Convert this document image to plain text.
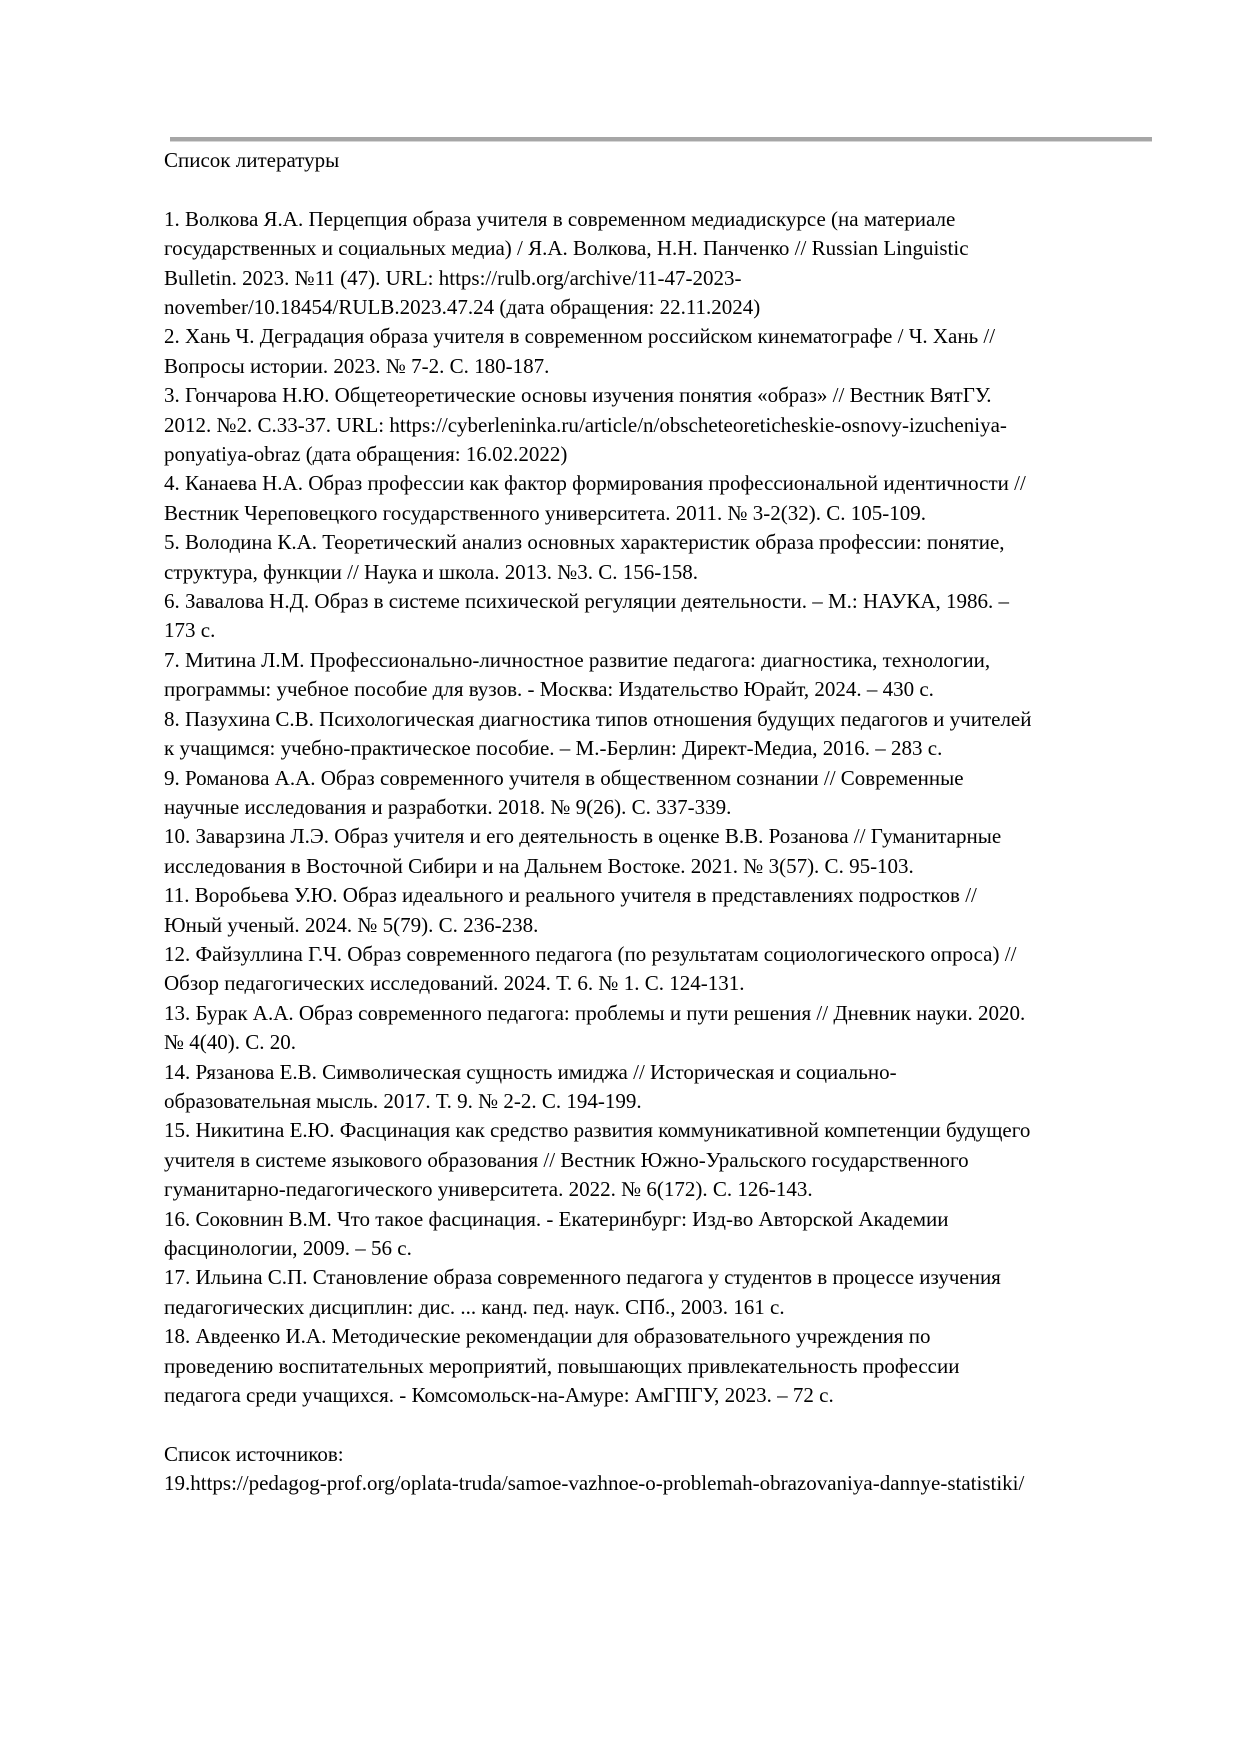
Список литературы

1. Волкова Я.А. Перцепция образа учителя в современном медиадискурсе (на материале государственных и социальных медиа) / Я.А. Волкова, Н.Н. Панченко // Russian Linguistic Bulletin. 2023. №11 (47). URL: https://rulb.org/archive/11-47-2023-november/10.18454/RULB.2023.47.24 (дата обращения: 22.11.2024)

2. Хань Ч. Деградация образа учителя в современном российском кинематографе / Ч. Хань // Вопросы истории. 2023. № 7-2. С. 180-187.

3. Гончарова Н.Ю. Общетеоретические основы изучения понятия «образ» // Вестник ВятГУ. 2012. №2. С.33-37. URL: https://cyberleninka.ru/article/n/obscheteoreticheskie-osnovy-izucheniya-ponyatiya-obraz (дата обращения: 16.02.2022)

4. Канаева Н.А. Образ профессии как фактор формирования профессиональной идентичности // Вестник Череповецкого государственного университета. 2011. № 3-2(32). С. 105-109.

5. Володина К.А. Теоретический анализ основных характеристик образа профессии: понятие, структура, функции // Наука и школа. 2013. №3. С. 156-158.

6. Завалова Н.Д. Образ в системе психической регуляции деятельности. – М.: НАУКА, 1986. – 173 с.

7. Митина Л.М. Профессионально-личностное развитие педагога: диагностика, технологии, программы: учебное пособие для вузов. - Москва: Издательство Юрайт, 2024. – 430 с.

8. Пазухина С.В. Психологическая диагностика типов отношения будущих педагогов и учителей к учащимся: учебно-практическое пособие. – М.-Берлин: Директ-Медиа, 2016. – 283 с.

9. Романова А.А. Образ современного учителя в общественном сознании // Современные научные исследования и разработки. 2018. № 9(26). С. 337-339.

10. Заварзина Л.Э. Образ учителя и его деятельность в оценке В.В. Розанова // Гуманитарные исследования в Восточной Сибири и на Дальнем Востоке. 2021. № 3(57). С. 95-103.

11. Воробьева У.Ю. Образ идеального и реального учителя в представлениях подростков // Юный ученый. 2024. № 5(79). С. 236-238.

12. Файзуллина Г.Ч. Образ современного педагога (по результатам социологического опроса) // Обзор педагогических исследований. 2024. Т. 6. № 1. С. 124-131.

13. Бурак А.А. Образ современного педагога: проблемы и пути решения // Дневник науки. 2020. № 4(40). С. 20.

14. Рязанова Е.В. Символическая сущность имиджа // Историческая и социально-образовательная мысль. 2017. Т. 9. № 2-2. С. 194-199.

15. Никитина Е.Ю. Фасцинация как средство развития коммуникативной компетенции будущего учителя в системе языкового образования // Вестник Южно-Уральского государственного гуманитарно-педагогического университета. 2022. № 6(172). С. 126-143.

16. Соковнин В.М. Что такое фасцинация. - Екатеринбург: Изд-во Авторской Академии фасцинологии, 2009. – 56 с.

17. Ильина С.П. Становление образа современного педагога у студентов в процессе изучения педагогических дисциплин: дис. ... канд. пед. наук. СПб., 2003. 161 с.

18. Авдеенко И.А. Методические рекомендации для образовательного учреждения по проведению воспитательных мероприятий, повышающих привлекательность профессии педагога среди учащихся. - Комсомольск-на-Амуре: АмГПГУ, 2023. – 72 с.

Список источников:

19.https://pedagog-prof.org/oplata-truda/samoe-vazhnoe-o-problemah-obrazovaniya-dannye-statistiki/
